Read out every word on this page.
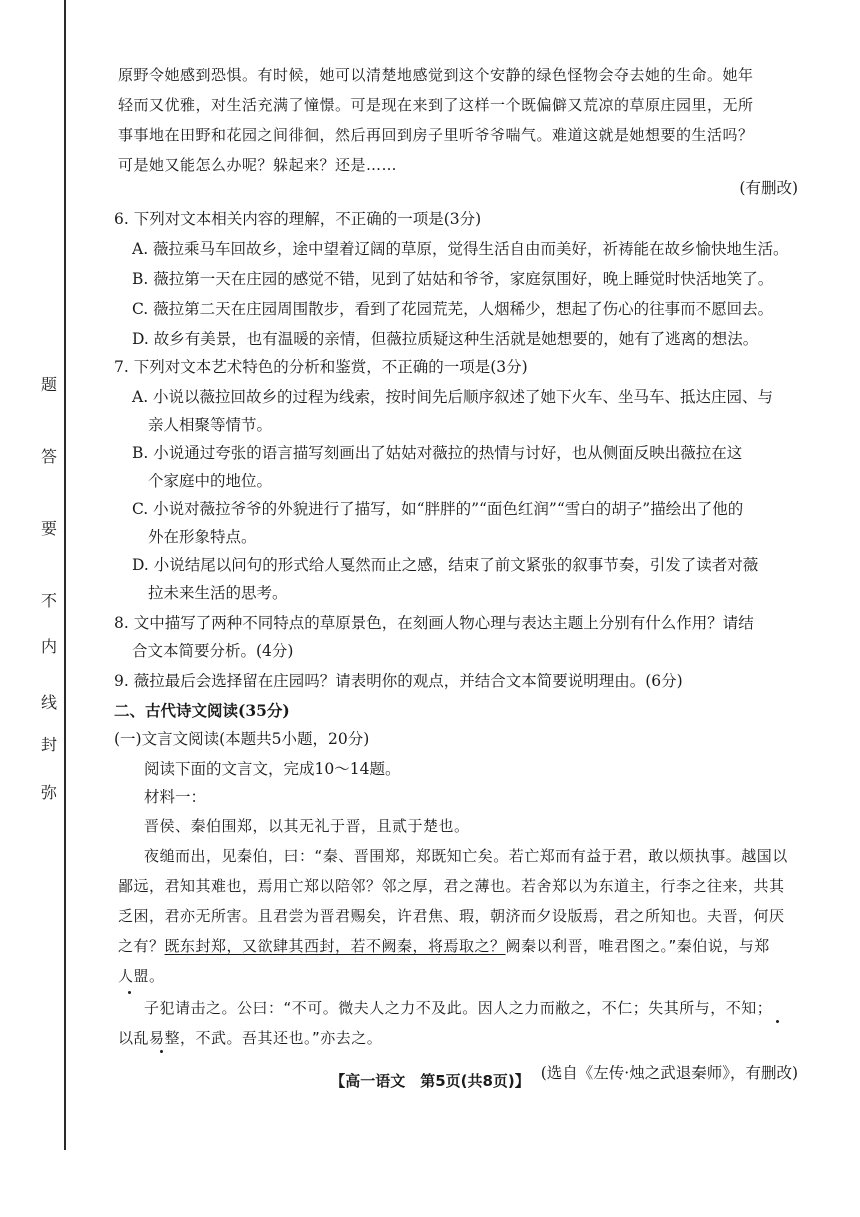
题
答
要
不
内
线
封
弥
原野令她感到恐惧。有时候，她可以清楚地感觉到这个安静的绿色怪物会夺去她的生命。她年
轻而又优雅，对生活充满了憧憬。可是现在来到了这样一个既偏僻又荒凉的草原庄园里，无所
事事地在田野和花园之间徘徊，然后再回到房子里听爷爷喘气。难道这就是她想要的生活吗？
可是她又能怎么办呢？躲起来？还是……
(有删改)
6. 下列对文本相关内容的理解，不正确的一项是(3分)
A. 薇拉乘马车回故乡，途中望着辽阔的草原，觉得生活自由而美好，祈祷能在故乡愉快地生活。
B. 薇拉第一天在庄园的感觉不错，见到了姑姑和爷爷，家庭氛围好，晚上睡觉时快活地笑了。
C. 薇拉第二天在庄园周围散步，看到了花园荒芜，人烟稀少，想起了伤心的往事而不愿回去。
D. 故乡有美景，也有温暖的亲情，但薇拉质疑这种生活就是她想要的，她有了逃离的想法。
7. 下列对文本艺术特色的分析和鉴赏，不正确的一项是(3分)
A. 小说以薇拉回故乡的过程为线索，按时间先后顺序叙述了她下火车、坐马车、抵达庄园、与
亲人相聚等情节。
B. 小说通过夸张的语言描写刻画出了姑姑对薇拉的热情与讨好，也从侧面反映出薇拉在这
个家庭中的地位。
C. 小说对薇拉爷爷的外貌进行了描写，如“胖胖的”“面色红润”“雪白的胡子”描绘出了他的
外在形象特点。
D. 小说结尾以问句的形式给人戛然而止之感，结束了前文紧张的叙事节奏，引发了读者对薇
拉未来生活的思考。
8. 文中描写了两种不同特点的草原景色，在刻画人物心理与表达主题上分别有什么作用？请结
合文本简要分析。(4分)
9. 薇拉最后会选择留在庄园吗？请表明你的观点，并结合文本简要说明理由。(6分)
二、古代诗文阅读(35分)
(一)文言文阅读(本题共5小题，20分)
阅读下面的文言文，完成10～14题。
材料一：
晋侯、秦伯围郑，以其无礼于晋，且贰于楚也。
夜缒而出，见秦伯，曰：“秦、晋围郑，郑既知亡矣。若亡郑而有益于君，敢以烦执事。越国以
鄙远，君知其难也，焉用亡郑以陪邻？邻之厚，君之薄也。若舍郑以为东道主，行李之往来，共其
乏困，君亦无所害。且君尝为晋君赐矣，许君焦、瑕，朝济而夕设版焉，君之所知也。夫晋，何厌
之有？既东封郑，又欲肆其西封，若不阙秦，将焉取之？阙秦以利晋，唯君图之。”秦伯说，与郑
人盟。
子犯请击之。公曰：“不可。微夫人之力不及此。因人之力而敝之，不仁；失其所与，不知；
以乱易整，不武。吾其还也。”亦去之。
(选自《左传·烛之武退秦师》，有删改)
【高一语文　第5页(共8页)】
